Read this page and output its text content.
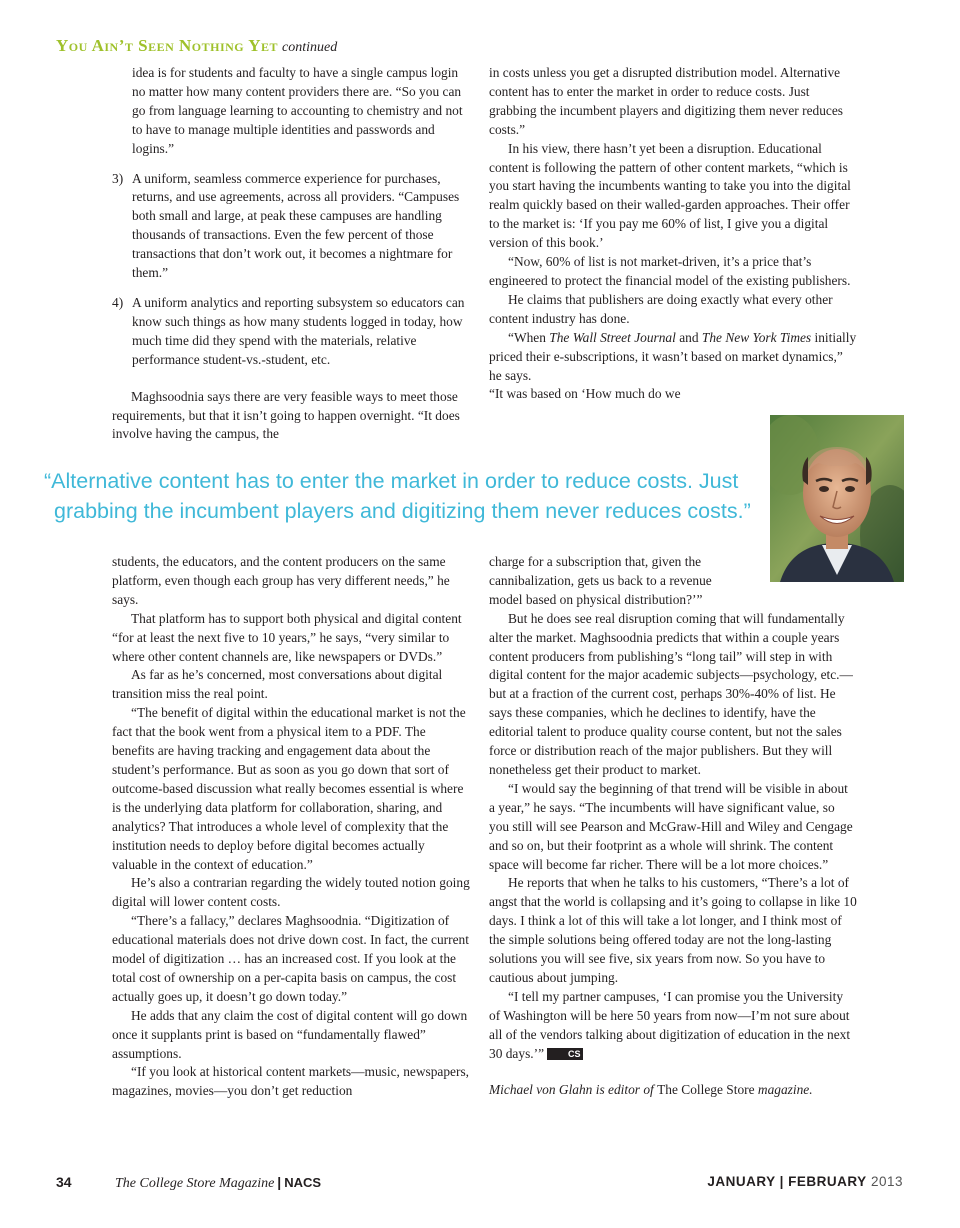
You Ain’t Seen Nothing Yet continued

idea is for students and faculty to have a single campus login no matter how many content providers there are. “So you can go from language learning to accounting to chemistry and not to have to manage multiple identities and passwords and logins.”

3) A uniform, seamless commerce experience for purchases, returns, and use agreements, across all providers. “Campuses both small and large, at peak these campuses are handling thousands of transactions. Even the few percent of those transactions that don’t work out, it becomes a nightmare for them.”
4) A uniform analytics and reporting subsystem so educators can know such things as how many students logged in today, how much time did they spend with the materials, relative performance student-vs.-student, etc.

Maghsoodnia says there are very feasible ways to meet those requirements, but that it isn’t going to happen overnight. “It does involve having the campus, the

in costs unless you get a disrupted distribution model. Alternative content has to enter the market in order to reduce costs. Just grabbing the incumbent players and digitizing them never reduces costs.”

In his view, there hasn’t yet been a disruption. Educational content is following the pattern of other content markets, “which is you start having the incumbents wanting to take you into the digital realm quickly based on their walled-garden approaches. Their offer to the market is: ‘If you pay me 60% of list, I give you a digital version of this book.’

“Now, 60% of list is not market-driven, it’s a price that’s engineered to protect the financial model of the existing publishers.

He claims that publishers are doing exactly what every other content industry has done.

“When The Wall Street Journal and The New York Times initially priced their e-subscriptions, it wasn’t based on market dynamics,” he says.

“It was based on ‘How much do we

“Alternative content has to enter the market in order to reduce costs. Just
grabbing the incumbent players and digitizing them never reduces costs.”

students, the educators, and the content producers on the same platform, even though each group has very different needs,” he says.

That platform has to support both physical and digital content “for at least the next five to 10 years,” he says, “very similar to where other content channels are, like newspapers or DVDs.”

As far as he’s concerned, most conversations about digital transition miss the real point.

“The benefit of digital within the educational market is not the fact that the book went from a physical item to a PDF. The benefits are having tracking and engagement data about the student’s performance. But as soon as you go down that sort of outcome-based discussion what really becomes essential is where is the underlying data platform for collaboration, sharing, and analytics? That introduces a whole level of complexity that the institution needs to deploy before digital becomes actually valuable in the context of education.”

He’s also a contrarian regarding the widely touted notion going digital will lower content costs.

“There’s a fallacy,” declares Maghsoodnia. “Digitization of educational materials does not drive down cost. In fact, the current model of digitization … has an increased cost. If you look at the total cost of ownership on a per-capita basis on campus, the cost actually goes up, it doesn’t go down today.”

He adds that any claim the cost of digital content will go down once it supplants print is based on “fundamentally flawed” assumptions.

“If you look at historical content markets—music, newspapers, magazines, movies—you don’t get reduction

charge for a subscription that, given the cannibalization, gets us back to a revenue model based on physical distribution?’”

But he does see real disruption coming that will fundamentally alter the market. Maghsoodnia predicts that within a couple years content producers from publishing’s “long tail” will step in with digital content for the major academic subjects—psychology, etc.—but at a fraction of the current cost, perhaps 30%-40% of list. He says these companies, which he declines to identify, have the editorial talent to produce quality course content, but not the sales force or distribution reach of the major publishers. But they will nonetheless get their product to market.

“I would say the beginning of that trend will be visible in about a year,” he says. “The incumbents will have significant value, so you still will see Pearson and McGraw-Hill and Wiley and Cengage and so on, but their footprint as a whole will shrink. The content space will become far richer. There will be a lot more choices.”

He reports that when he talks to his customers, “There’s a lot of angst that the world is collapsing and it’s going to collapse in like 10 days. I think a lot of this will take a lot longer, and I think most of the simple solutions being offered today are not the long-lasting solutions you will see five, six years from now. So you have to cautious about jumping.

“I tell my partner campuses, ‘I can promise you the University of Washington will be here 50 years from now—I’m not sure about all of the vendors talking about digitization of education in the next 30 days.’”	CS

Michael von Glahn is editor of The College Store magazine.

34	The College Store Magazine | NACS	JANUARY | FEBRUARY 2013
